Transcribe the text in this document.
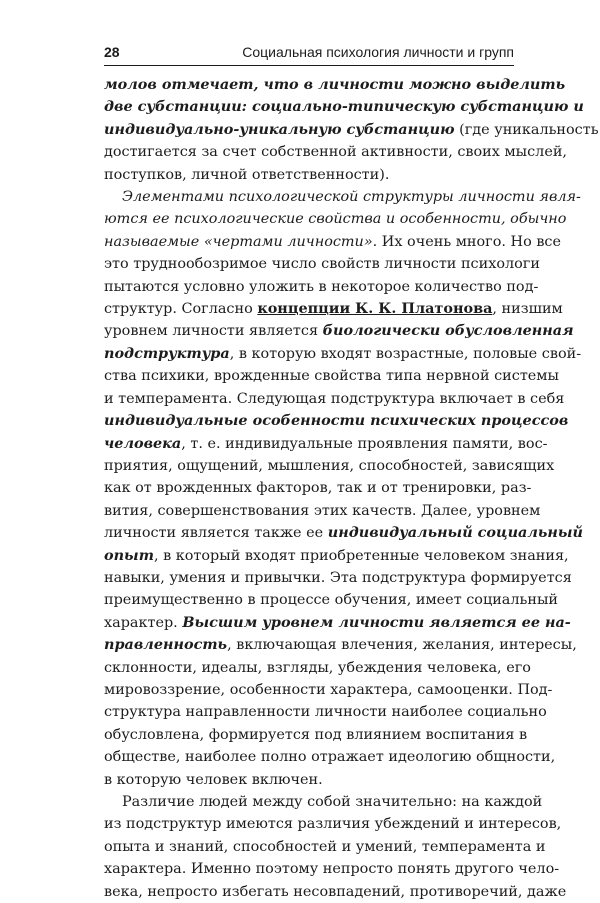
28	Социальная психология личности и групп
молов отмечает, что в личности можно выделить
две субстанции: социально-типическую субстанцию и
индивидуально-уникальную субстанцию (где уникальность
достигается за счет собственной активности, своих мыслей,
поступков, личной ответственности).
Элементами психологической структуры личности явля-
ются ее психологические свойства и особенности, обычно
называемые «чертами личности». Их очень много. Но все
это труднообозримое число свойств личности психологи
пытаются условно уложить в некоторое количество под-
структур. Согласно концепции К. К. Платонова, низшим
уровнем личности является биологически обусловленная
подструктура, в которую входят возрастные, половые свой-
ства психики, врожденные свойства типа нервной системы
и темперамента. Следующая подструктура включает в себя
индивидуальные особенности психических процессов
человека, т. е. индивидуальные проявления памяти, вос-
приятия, ощущений, мышления, способностей, зависящих
как от врожденных факторов, так и от тренировки, раз-
вития, совершенствования этих качеств. Далее, уровнем
личности является также ее индивидуальный социальный
опыт, в который входят приобретенные человеком знания,
навыки, умения и привычки. Эта подструктура формируется
преимущественно в процессе обучения, имеет социальный
характер. Высшим уровнем личности является ее на-
правленность, включающая влечения, желания, интересы,
склонности, идеалы, взгляды, убеждения человека, его
мировоззрение, особенности характера, самооценки. Под-
структура направленности личности наиболее социально
обусловлена, формируется под влиянием воспитания в
обществе, наиболее полно отражает идеологию общности,
в которую человек включен.
Различие людей между собой значительно: на каждой
из подструктур имеются различия убеждений и интересов,
опыта и знаний, способностей и умений, темперамента и
характера. Именно поэтому непросто понять другого чело-
века, непросто избегать несовпадений, противоречий, даже
